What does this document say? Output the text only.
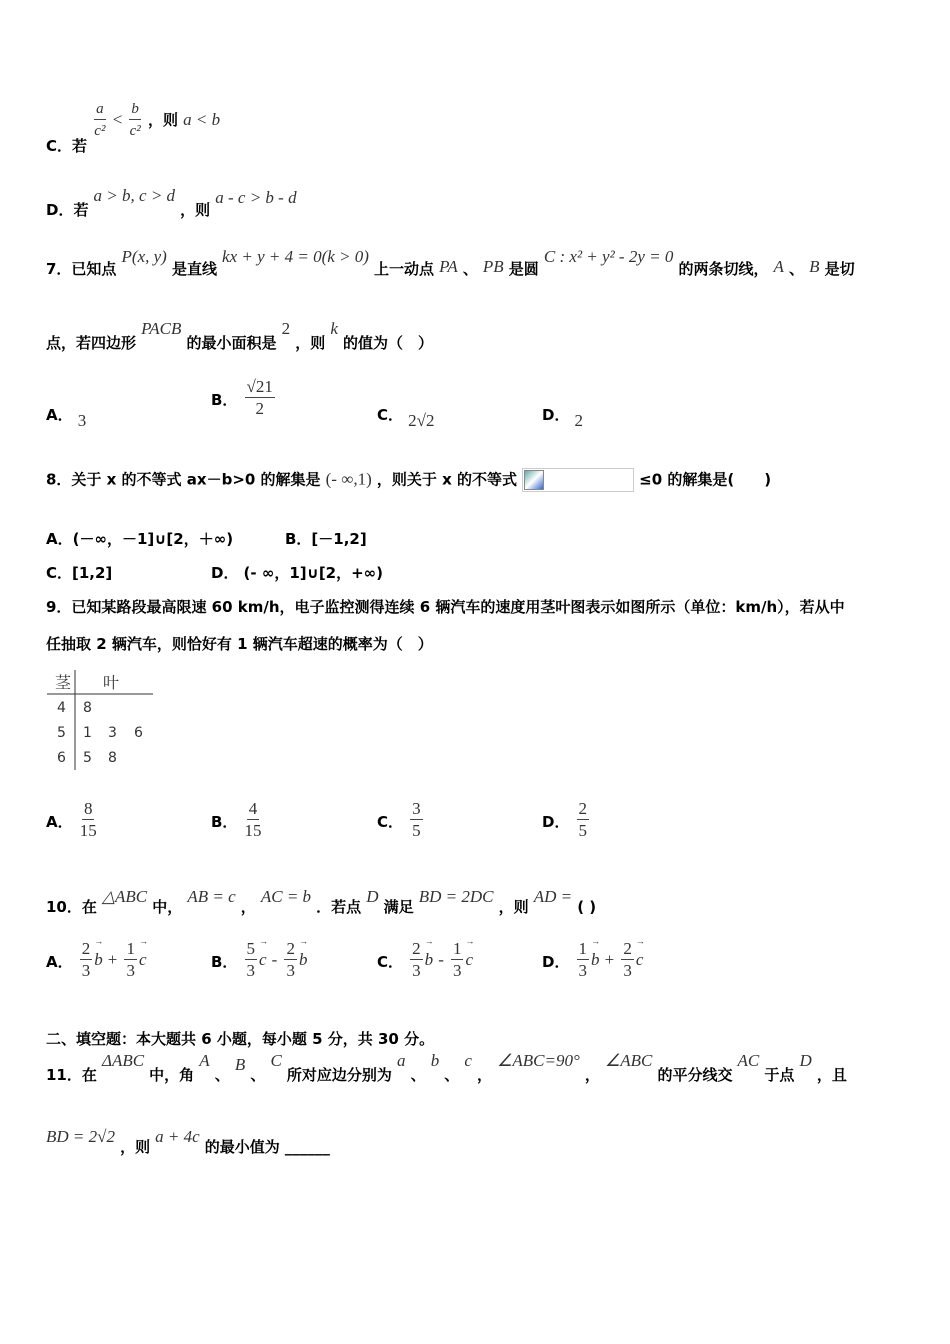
C．若
$\frac{a}{\text{c²}} < \frac{b}{\text{c²}}$ ，则 a < b
D．若 a > b, c > d ，则 a - c > b - d
7．已知点 P(x, y) 是直线 kx + y + 4 = 0(k > 0) 上一动点 PA 、 PB 是圆 C : x² + y² - 2y = 0 的两条切线， A 、 B 是切
点，若四边形 PACB 的最小面积是 2 ，则 k 的值为（　）
A． 3
B． $\frac{√21}{2}$	C． 2√2	D． 2
8．关于 x 的不等式 ax－b>0 的解集是 (- ∞,1) ，则关于 x 的不等式	≤0 的解集是(　　)
A．(－∞，－1]∪[2，＋∞)	B．[－1,2]
C．[1,2]	D． (- ∞，1]∪[2，+∞)
9．已知某路段最高限速 60 km/h，电子监控测得连续 6 辆汽车的速度用茎叶图表示如图所示（单位：km/h），若从中
任抽取 2 辆汽车，则恰好有 1 辆汽车超速的概率为（　）
茎 叶
4 8
5 1 3 6
6 5 8
A． $\frac{8}{15}$	B． $\frac{4}{15}$	C． $\frac{3}{5}$	D． $\frac{2}{5}$
10．在 △ABC 中， AB = c ， AC = b ．若点 D 满足 BD = 2DC ，则 AD = ( )
A． $\frac{2}{3}$
→ $b + \frac{1}{3}$
→ c	B． $\frac{5}{3}$
→ c - $\frac{2}{3}$
→ b	C． $\frac{2}{3}$
→ b - $\frac{1}{3}$
→ c	D． $\frac{1}{3}$
→ $b + \frac{2}{3}$
→ c
二、填空题：本大题共 6 小题，每小题 5 分，共 30 分。
11．在 ΔABC 中，角 A 、 B 、 C 所对应边分别为 a 、 b 、 c ， ∠ABC=90° ， ∠ABC 的平分线交 AC 于点 D ，且
BD = 2√2 ，则 a + 4c 的最小值为 ______
